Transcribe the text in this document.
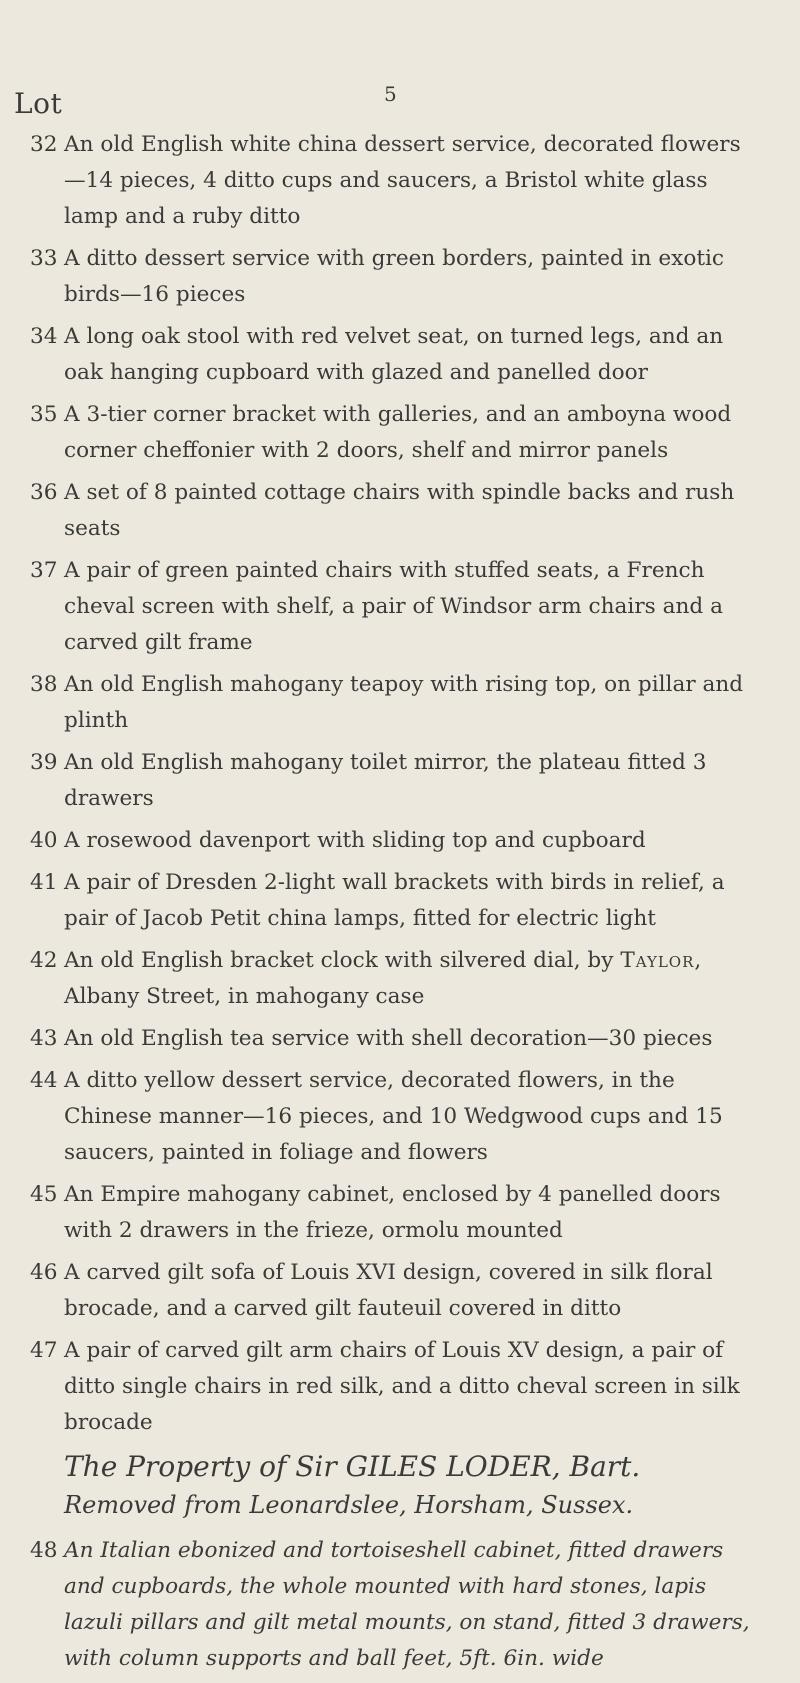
5
Lot
32 An old English white china dessert service, decorated flowers —14 pieces, 4 ditto cups and saucers, a Bristol white glass lamp and a ruby ditto
33 A ditto dessert service with green borders, painted in exotic birds—16 pieces
34 A long oak stool with red velvet seat, on turned legs, and an oak hanging cupboard with glazed and panelled door
35 A 3-tier corner bracket with galleries, and an amboyna wood corner cheffonier with 2 doors, shelf and mirror panels
36 A set of 8 painted cottage chairs with spindle backs and rush seats
37 A pair of green painted chairs with stuffed seats, a French cheval screen with shelf, a pair of Windsor arm chairs and a carved gilt frame
38 An old English mahogany teapoy with rising top, on pillar and plinth
39 An old English mahogany toilet mirror, the plateau fitted 3 drawers
40 A rosewood davenport with sliding top and cupboard
41 A pair of Dresden 2-light wall brackets with birds in relief, a pair of Jacob Petit china lamps, fitted for electric light
42 An old English bracket clock with silvered dial, by Taylor, Albany Street, in mahogany case
43 An old English tea service with shell decoration—30 pieces
44 A ditto yellow dessert service, decorated flowers, in the Chinese manner—16 pieces, and 10 Wedgwood cups and 15 saucers, painted in foliage and flowers
45 An Empire mahogany cabinet, enclosed by 4 panelled doors with 2 drawers in the frieze, ormolu mounted
46 A carved gilt sofa of Louis XVI design, covered in silk floral brocade, and a carved gilt fauteuil covered in ditto
47 A pair of carved gilt arm chairs of Louis XV design, a pair of ditto single chairs in red silk, and a ditto cheval screen in silk brocade
The Property of Sir GILES LODER, Bart.
Removed from Leonardslee, Horsham, Sussex.
48 An Italian ebonized and tortoiseshell cabinet, fitted drawers and cupboards, the whole mounted with hard stones, lapis lazuli pillars and gilt metal mounts, on stand, fitted 3 drawers, with column supports and ball feet, 5ft. 6in. wide
